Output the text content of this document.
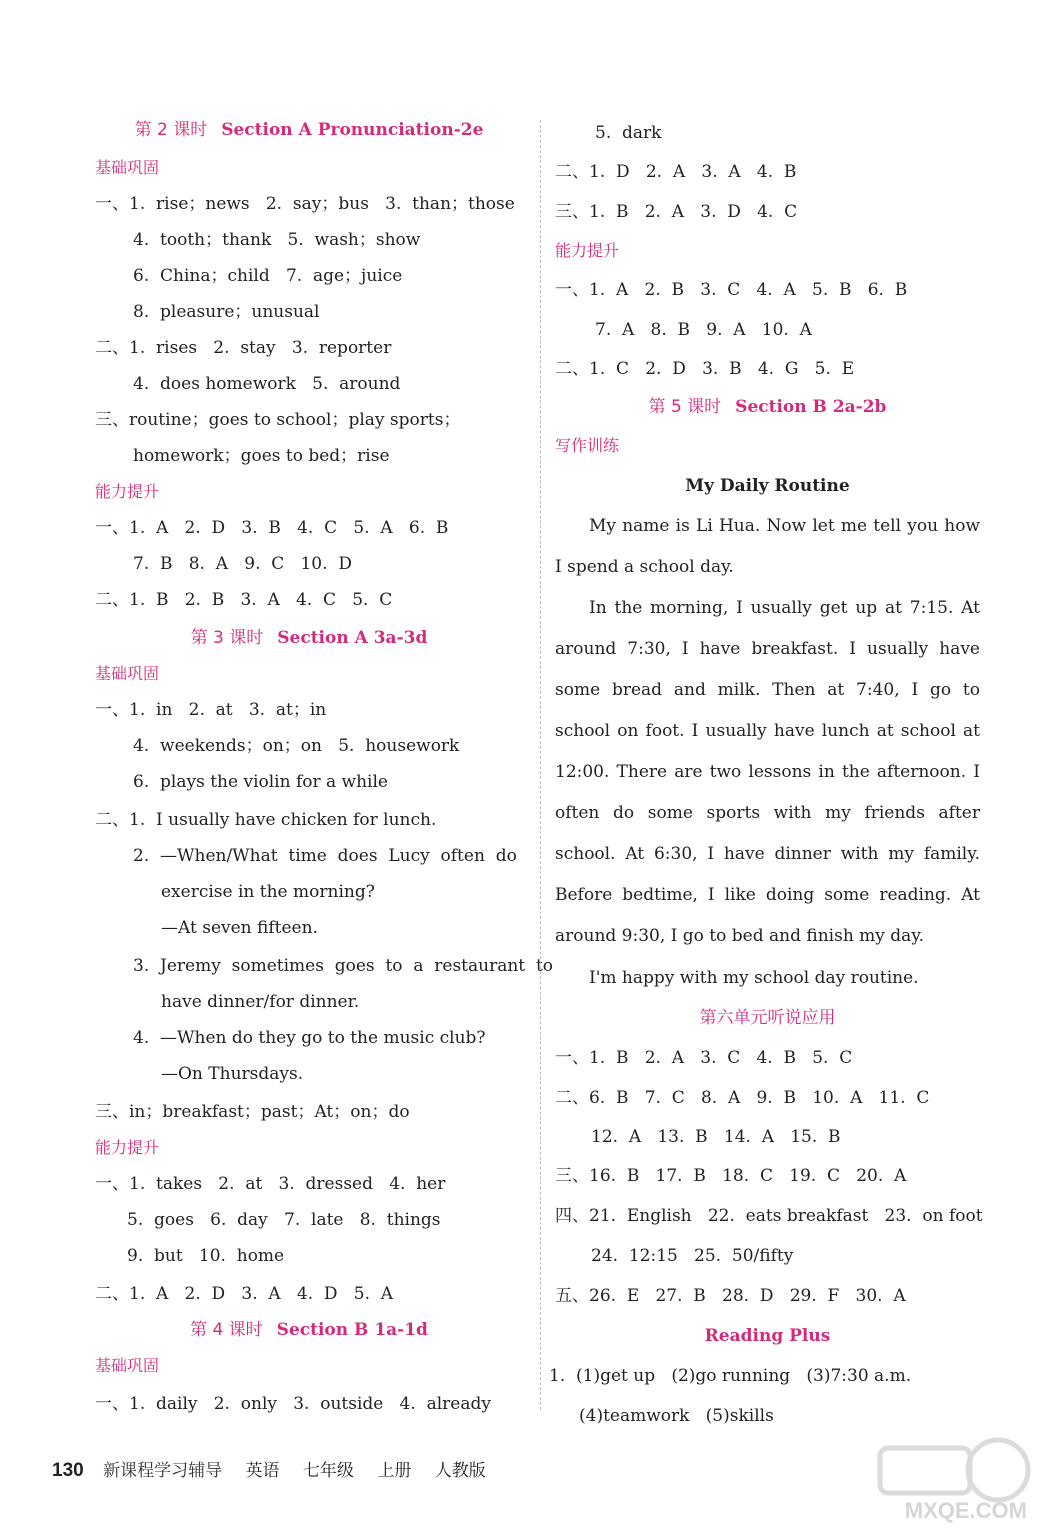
第 2 课时 Section A Pronunciation-2e
基础巩固
一、1.  rise；news   2.  say；bus   3.  than；those
4.  tooth；thank   5.  wash；show
6.  China；child   7.  age；juice
8.  pleasure；unusual
二、1.  rises   2.  stay   3.  reporter
4.  does homework   5.  around
三、routine；goes to school；play sports；
homework；goes to bed；rise
能力提升
一、1.  A   2.  D   3.  B   4.  C   5.  A   6.  B
7.  B   8.  A   9.  C   10.  D
二、1.  B   2.  B   3.  A   4.  C   5.  C
第 3 课时 Section A 3a-3d
基础巩固
一、1.  in   2.  at   3.  at；in
4.  weekends；on；on   5.  housework
6.  plays the violin for a while
二、1.  I usually have chicken for lunch.
2.  —When/What  time  does  Lucy  often  do
exercise in the morning?
—At seven fifteen.
3.  Jeremy  sometimes  goes  to  a  restaurant  to
have dinner/for dinner.
4.  —When do they go to the music club?
—On Thursdays.
三、in；breakfast；past；At；on；do
能力提升
一、1.  takes   2.  at   3.  dressed   4.  her
5.  goes   6.  day   7.  late   8.  things
9.  but   10.  home
二、1.  A   2.  D   3.  A   4.  D   5.  A
第 4 课时 Section B 1a-1d
基础巩固
一、1.  daily   2.  only   3.  outside   4.  already
5.  dark
二、1.  D   2.  A   3.  A   4.  B
三、1.  B   2.  A   3.  D   4.  C
能力提升
一、1.  A   2.  B   3.  C   4.  A   5.  B   6.  B
7.  A   8.  B   9.  A   10.  A
二、1.  C   2.  D   3.  B   4.  G   5.  E
第 5 课时 Section B 2a-2b
写作训练
My Daily Routine
My name is Li Hua. Now let me tell you how I spend a school day.
In the morning, I usually get up at 7:15. At around 7:30, I have breakfast. I usually have some bread and milk. Then at 7:40, I go to school on foot. I usually have lunch at school at 12:00. There are two lessons in the afternoon. I often do some sports with my friends after school. At 6:30, I have dinner with my family. Before bedtime, I like doing some reading. At around 9:30, I go to bed and finish my day.
I'm happy with my school day routine.
第六单元听说应用
一、1.  B   2.  A   3.  C   4.  B   5.  C
二、6.  B   7.  C   8.  A   9.  B   10.  A   11.  C
12.  A   13.  B   14.  A   15.  B
三、16.  B   17.  B   18.  C   19.  C   20.  A
四、21.  English   22.  eats breakfast   23.  on foot
24.  12:15   25.  50/fifty
五、26.  E   27.  B   28.  D   29.  F   30.  A
Reading Plus
1.  (1)get up   (2)go running   (3)7:30 a.m.
(4)teamwork   (5)skills
130 新课程学习辅导 英语 七年级 上册 人教版
MXQE.COM
